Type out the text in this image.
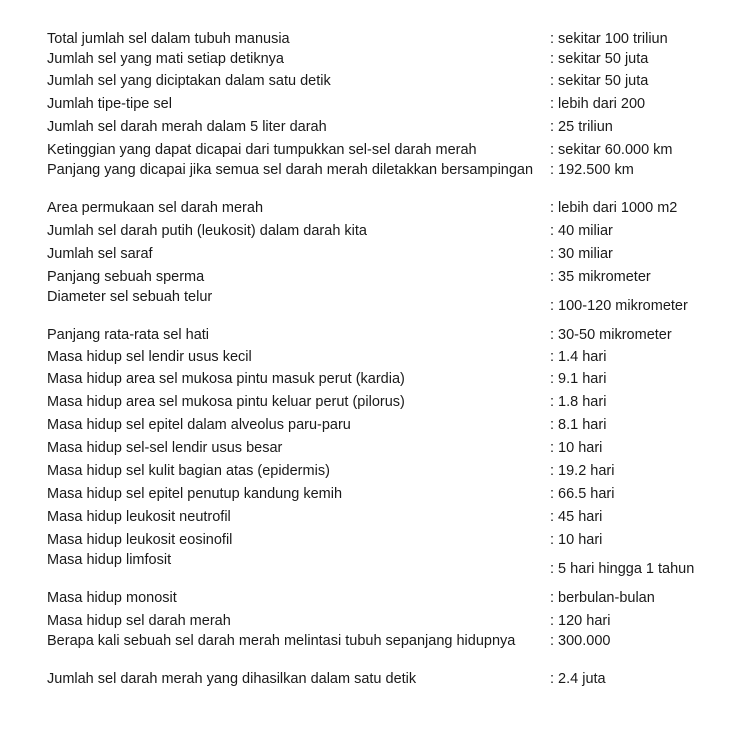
Total jumlah sel dalam tubuh manusia	: sekitar 100 triliun
Jumlah sel yang mati setiap detiknya	: sekitar 50 juta
Jumlah sel yang diciptakan dalam satu detik	: sekitar 50 juta
Jumlah tipe-tipe sel	: lebih dari 200
Jumlah sel darah merah dalam 5 liter darah	: 25 triliun
Ketinggian yang dapat dicapai dari tumpukkan sel-sel darah merah	: sekitar 60.000 km
Panjang yang dicapai jika semua sel darah merah diletakkan bersampingan	: 192.500 km
Area permukaan sel darah merah	: lebih dari 1000 m2
Jumlah sel darah putih (leukosit) dalam darah kita	: 40 miliar
Jumlah sel saraf	: 30 miliar
Panjang sebuah sperma	: 35 mikrometer
Diameter sel sebuah telur	: 100-120 mikrometer
Panjang rata-rata sel hati	: 30-50 mikrometer
Masa hidup sel lendir usus kecil	: 1.4 hari
Masa hidup area sel mukosa pintu masuk perut (kardia)	: 9.1 hari
Masa hidup area sel mukosa pintu keluar perut (pilorus)	: 1.8 hari
Masa hidup sel epitel dalam alveolus paru-paru	: 8.1 hari
Masa hidup sel-sel lendir usus besar	: 10 hari
Masa hidup sel kulit bagian atas (epidermis)	: 19.2 hari
Masa hidup sel epitel penutup kandung kemih	: 66.5 hari
Masa hidup leukosit neutrofil	: 45 hari
Masa hidup leukosit eosinofil	: 10 hari
Masa hidup limfosit	: 5 hari hingga 1 tahun
Masa hidup monosit	: berbulan-bulan
Masa hidup sel darah merah	: 120 hari
Berapa kali sebuah sel darah merah melintasi tubuh sepanjang hidupnya	: 300.000
Jumlah sel darah merah yang dihasilkan dalam satu detik	: 2.4 juta
